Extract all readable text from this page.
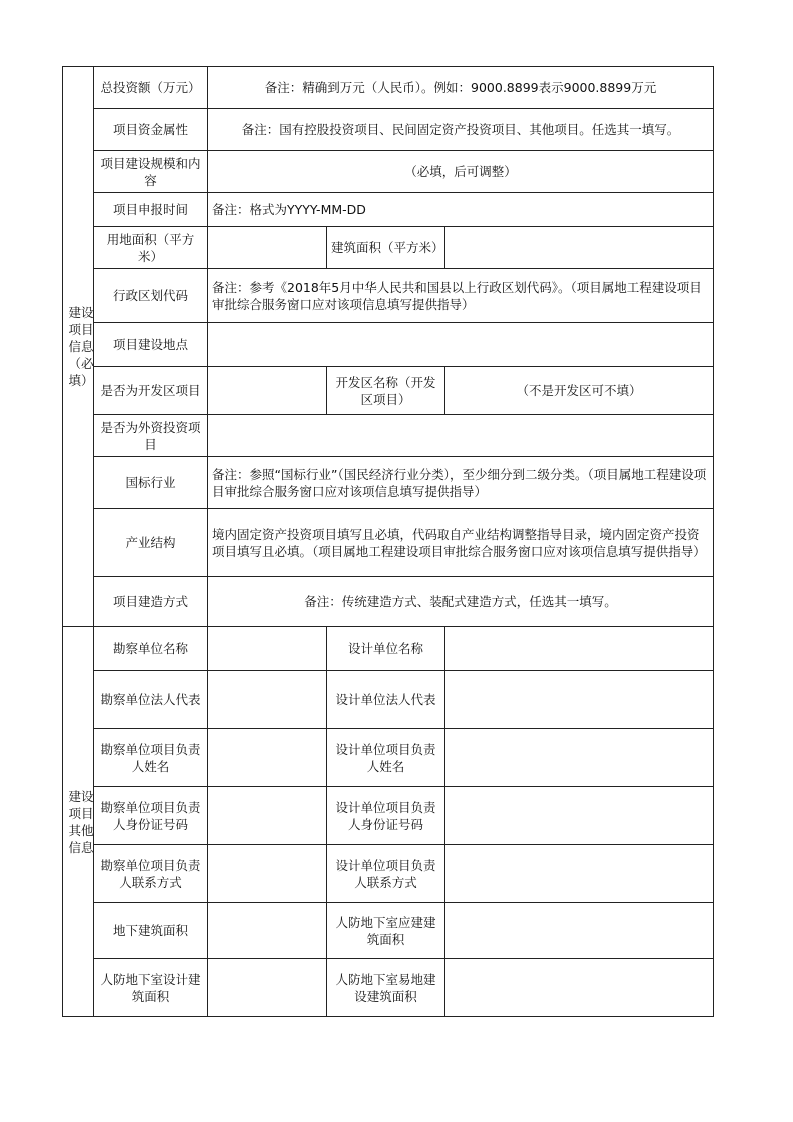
建设项目信息（必填）	总投资额（万元）	备注：精确到万元（人民币）。例如：9000.8899表示9000.8899万元		
	项目资金属性	备注：国有控股投资项目、民间固定资产投资项目、其他项目。任选其一填写。		
	项目建设规模和内容	（必填，后可调整）		
	项目申报时间	备注：格式为YYYY-MM-DD		
	用地面积（平方米）		建筑面积（平方米）	
	行政区划代码	备注：参考《2018年5月中华人民共和国县以上行政区划代码》。（项目属地工程建设项目审批综合服务窗口应对该项信息填写提供指导）		
	项目建设地点			
	是否为开发区项目		开发区名称（开发区项目）	（不是开发区可不填）
	是否为外资投资项目			
	国标行业	备注：参照“国标行业”（国民经济行业分类），至少细分到二级分类。（项目属地工程建设项目审批综合服务窗口应对该项信息填写提供指导）		
	产业结构	境内固定资产投资项目填写且必填，代码取自产业结构调整指导目录，境内固定资产投资项目填写且必填。（项目属地工程建设项目审批综合服务窗口应对该项信息填写提供指导）		
	项目建造方式	备注：传统建造方式、装配式建造方式，任选其一填写。		
建设项目其他信息	勘察单位名称		设计单位名称	
	勘察单位法人代表		设计单位法人代表	
	勘察单位项目负责人姓名		设计单位项目负责人姓名	
	勘察单位项目负责人身份证号码		设计单位项目负责人身份证号码	
	勘察单位项目负责人联系方式		设计单位项目负责人联系方式	
	地下建筑面积		人防地下室应建建筑面积	
	人防地下室设计建筑面积		人防地下室易地建设建筑面积	
